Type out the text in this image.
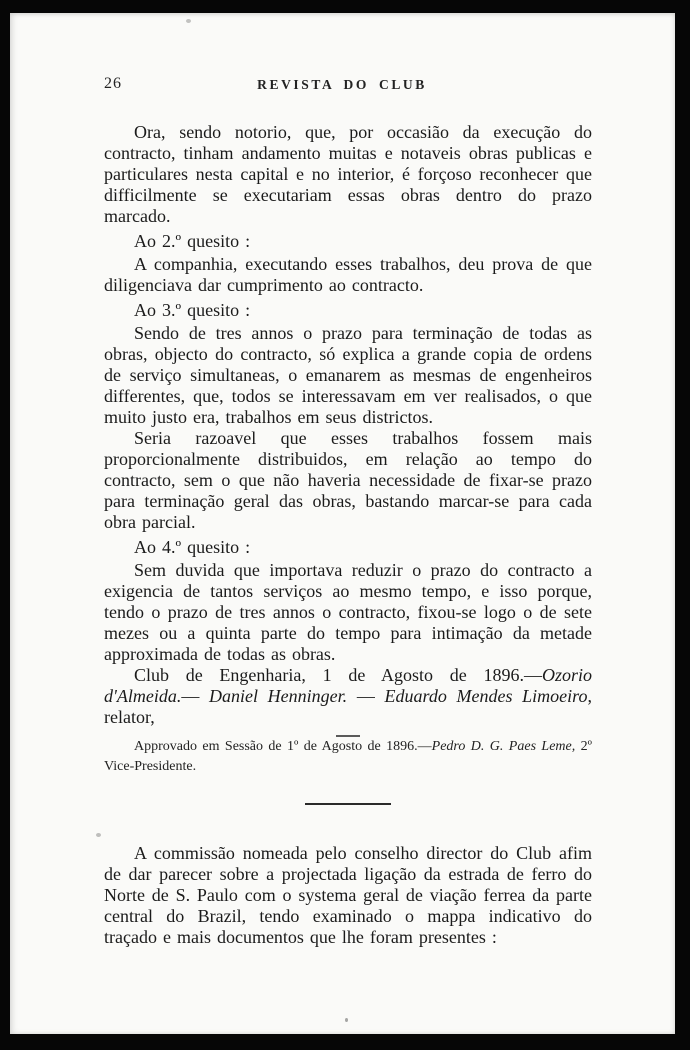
26	REVISTA DO CLUB

Ora, sendo notorio, que, por occasião da execução do contracto, tinham andamento muitas e notaveis obras publicas e particulares nesta capital e no interior, é forçoso reconhecer que difficilmente se executariam essas obras dentro do prazo marcado.

Ao 2.º quesito :

A companhia, executando esses trabalhos, deu prova de que diligenciava dar cumprimento ao contracto.

Ao 3.º quesito :

Sendo de tres annos o prazo para terminação de todas as obras, objecto do contracto, só explica a grande copia de ordens de serviço simultaneas, o emanarem as mesmas de engenheiros differentes, que, todos se interessavam em ver realisados, o que muito justo era, trabalhos em seus districtos.

Seria razoavel que esses trabalhos fossem mais proporcionalmente distribuidos, em relação ao tempo do contracto, sem o que não haveria necessidade de fixar-se prazo para terminação geral das obras, bastando marcar-se para cada obra parcial.

Ao 4.º quesito :

Sem duvida que importava reduzir o prazo do contracto a exigencia de tantos serviços ao mesmo tempo, e isso porque, tendo o prazo de tres annos o contracto, fixou-se logo o de sete mezes ou a quinta parte do tempo para intimação da metade approximada de todas as obras.

Club de Engenharia, 1 de Agosto de 1896.—Ozorio d'Almeida.— Daniel Henninger. — Eduardo Mendes Limoeiro, relator,

Approvado em Sessão de 1º de Agosto de 1896.—Pedro D. G. Paes Leme, 2º Vice-Presidente.

A commissão nomeada pelo conselho director do Club afim de dar parecer sobre a projectada ligação da estrada de ferro do Norte de S. Paulo com o systema geral de viação ferrea da parte central do Brazil, tendo examinado o mappa indicativo do traçado e mais documentos que lhe foram presentes :
